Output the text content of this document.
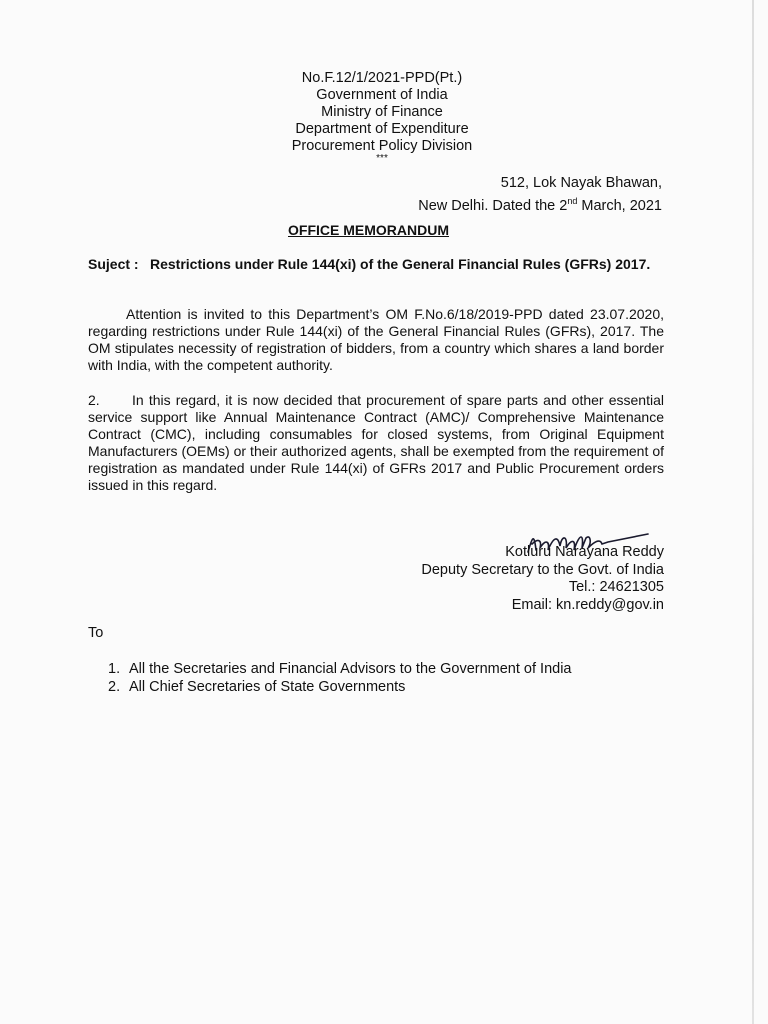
No.F.12/1/2021-PPD(Pt.)
Government of India
Ministry of Finance
Department of Expenditure
Procurement Policy Division
***
512, Lok Nayak Bhawan,
New Delhi. Dated the 2nd March, 2021
OFFICE MEMORANDUM
Suject : Restrictions under Rule 144(xi) of the General Financial Rules (GFRs) 2017.
Attention is invited to this Department’s OM F.No.6/18/2019-PPD dated 23.07.2020, regarding restrictions under Rule 144(xi) of the General Financial Rules (GFRs), 2017. The OM stipulates necessity of registration of bidders, from a country which shares a land border with India, with the competent authority.
2. In this regard, it is now decided that procurement of spare parts and other essential service support like Annual Maintenance Contract (AMC)/ Comprehensive Maintenance Contract (CMC), including consumables for closed systems, from Original Equipment Manufacturers (OEMs) or their authorized agents, shall be exempted from the requirement of registration as mandated under Rule 144(xi) of GFRs 2017 and Public Procurement orders issued in this regard.
Kotluru Narayana Reddy
Deputy Secretary to the Govt. of India
Tel.: 24621305
Email: kn.reddy@gov.in
To
1. All the Secretaries and Financial Advisors to the Government of India
2. All Chief Secretaries of State Governments
